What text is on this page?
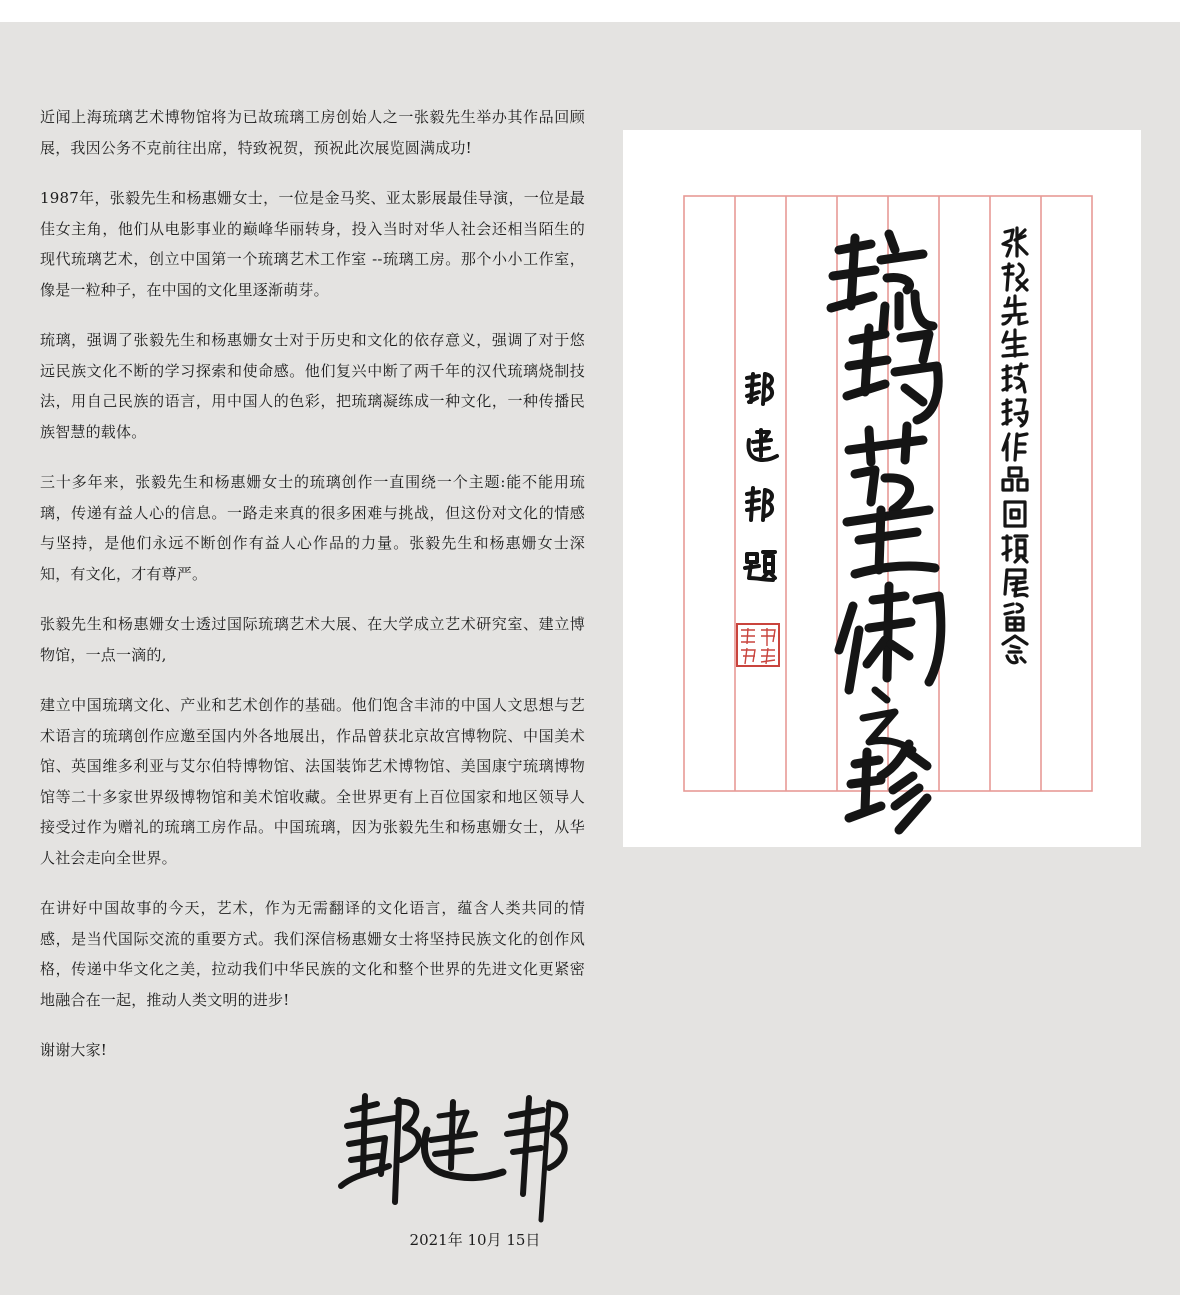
近闻上海琉璃艺术博物馆将为已故琉璃工房创始人之一张毅先生举办其作品回顾展，我因公务不克前往出席，特致祝贺，预祝此次展览圆满成功!

1987年，张毅先生和杨惠姗女士，一位是金马奖、亚太影展最佳导演，一位是最佳女主角，他们从电影事业的巅峰华丽转身，投入当时对华人社会还相当陌生的现代琉璃艺术，创立中国第一个琉璃艺术工作室 --琉璃工房。那个小小工作室，像是一粒种子，在中国的文化里逐渐萌芽。

琉璃，强调了张毅先生和杨惠姗女士对于历史和文化的依存意义，强调了对于悠远民族文化不断的学习探索和使命感。他们复兴中断了两千年的汉代琉璃烧制技法，用自己民族的语言，用中国人的色彩，把琉璃凝练成一种文化，一种传播民族智慧的载体。

三十多年来，张毅先生和杨惠姗女士的琉璃创作一直围绕一个主题:能不能用琉璃，传递有益人心的信息。一路走来真的很多困难与挑战，但这份对文化的情感与坚持，是他们永远不断创作有益人心作品的力量。张毅先生和杨惠姗女士深知，有文化，才有尊严。

张毅先生和杨惠姗女士透过国际琉璃艺术大展、在大学成立艺术研究室、建立博物馆，一点一滴的,

建立中国琉璃文化、产业和艺术创作的基础。他们饱含丰沛的中国人文思想与艺术语言的琉璃创作应邀至国内外各地展出，作品曾获北京故宫博物院、中国美术馆、英国维多利亚与艾尔伯特博物馆、法国装饰艺术博物馆、美国康宁琉璃博物馆等二十多家世界级博物馆和美术馆收藏。全世界更有上百位国家和地区领导人接受过作为赠礼的琉璃工房作品。中国琉璃，因为张毅先生和杨惠姗女士，从华人社会走向全世界。

在讲好中国故事的今天，艺术，作为无需翻译的文化语言，蕴含人类共同的情感，是当代国际交流的重要方式。我们深信杨惠姗女士将坚持民族文化的创作风格，传递中华文化之美，拉动我们中华民族的文化和整个世界的先进文化更紧密地融合在一起，推动人类文明的进步!

谢谢大家!

2021年 10月 15日
